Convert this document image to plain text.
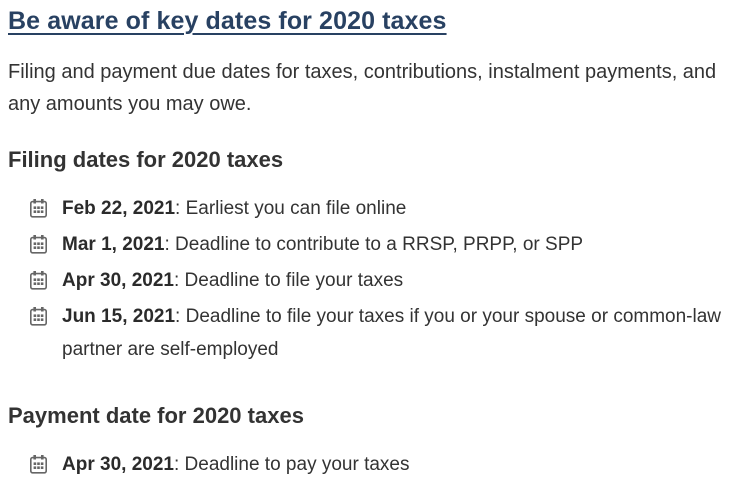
Be aware of key dates for 2020 taxes

Filing and payment due dates for taxes, contributions, instalment payments, and any amounts you may owe.

Filing dates for 2020 taxes
Feb 22, 2021: Earliest you can file online
Mar 1, 2021: Deadline to contribute to a RRSP, PRPP, or SPP
Apr 30, 2021: Deadline to file your taxes
Jun 15, 2021: Deadline to file your taxes if you or your spouse or common-law partner are self-employed
Payment date for 2020 taxes
Apr 30, 2021: Deadline to pay your taxes
